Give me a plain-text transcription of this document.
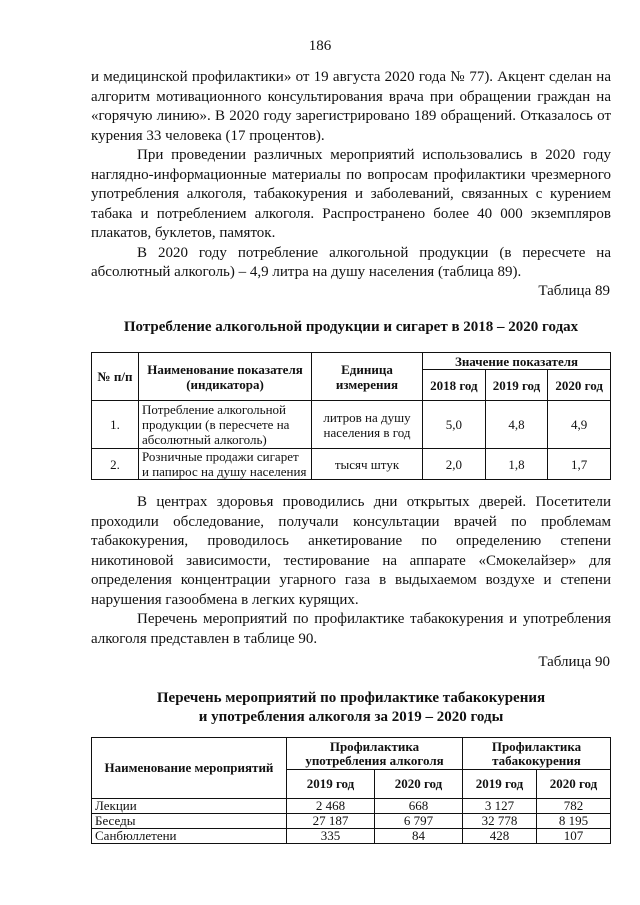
186

и медицинской профилактики» от 19 августа 2020 года № 77). Акцент сделан на алгоритм мотивационного консультирования врача при обращении граждан на «горячую линию». В 2020 году зарегистрировано 189 обращений. Отказалось от курения 33 человека (17 процентов).

При проведении различных мероприятий использовались в 2020 году наглядно-информационные материалы по вопросам профилактики чрезмерного употребления алкоголя, табакокурения и заболеваний, связанных с курением табака и потреблением алкоголя. Распространено более 40 000 экземпляров плакатов, буклетов, памяток.

В 2020 году потребление алкогольной продукции (в пересчете на абсолютный алкоголь) – 4,9 литра на душу населения (таблица 89).

Таблица 89
Потребление алкогольной продукции и сигарет в 2018 – 2020 годах
№ п/п	Наименование показателя (индикатора)	Единица измерения	Значение показателя		
			2018 год	2019 год	2020 год
1.	Потребление алкогольной продукции (в пересчете на абсолютный алкоголь)	литров на душу населения в год	5,0	4,8	4,9
2.	Розничные продажи сигарет и папирос на душу населения	тысяч штук	2,0	1,8	1,7

В центрах здоровья проводились дни открытых дверей. Посетители проходили обследование, получали консультации врачей по проблемам табакокурения, проводилось анкетирование по определению степени никотиновой зависимости, тестирование на аппарате «Смокелайзер» для определения концентрации угарного газа в выдыхаемом воздухе и степени нарушения газообмена в легких курящих.

Перечень мероприятий по профилактике табакокурения и употребления алкоголя представлен в таблице 90.

Таблица 90
Перечень мероприятий по профилактике табакокурения
и употребления алкоголя за 2019 – 2020 годы
Наименование мероприятий	Профилактика употребления алкоголя		Профилактика табакокурения	
	2019 год	2020 год	2019 год	2020 год
Лекции	2 468	668	3 127	782
Беседы	27 187	6 797	32 778	8 195
Санбюллетени	335	84	428	107
